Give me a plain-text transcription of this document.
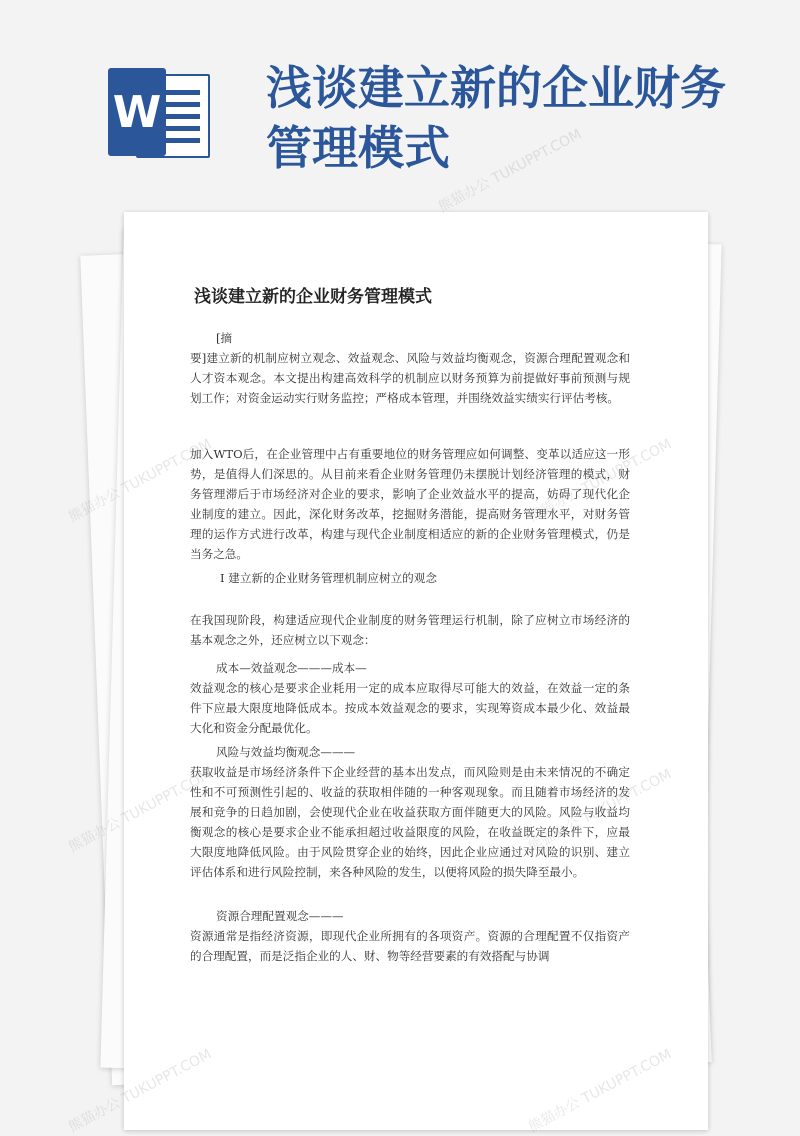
W 浅谈建立新的企业财务管理模式
浅谈建立新的企业财务管理模式

[摘

要]建立新的机制应树立观念、效益观念、风险与效益均衡观念，资源合理配置观念和人才资本观念。本文提出构建高效科学的机制应以财务预算为前提做好事前预测与规划工作；对资金运动实行财务监控；严格成本管理，并围绕效益实绩实行评估考核。

加入WTO后，在企业管理中占有重要地位的财务管理应如何调整、变革以适应这一形势，是值得人们深思的。从目前来看企业财务管理仍未摆脱计划经济管理的模式，财务管理滞后于市场经济对企业的要求，影响了企业效益水平的提高，妨碍了现代化企业制度的建立。因此，深化财务改革，挖掘财务潜能，提高财务管理水平，对财务管理的运作方式进行改革，构建与现代企业制度相适应的新的企业财务管理模式，仍是当务之急。

I 建立新的企业财务管理机制应树立的观念

在我国现阶段，构建适应现代企业制度的财务管理运行机制，除了应树立市场经济的基本观念之外，还应树立以下观念：

成本—效益观念———成本—

效益观念的核心是要求企业耗用一定的成本应取得尽可能大的效益，在效益一定的条件下应最大限度地降低成本。按成本效益观念的要求，实现筹资成本最少化、效益最大化和资金分配最优化。

风险与效益均衡观念———

获取收益是市场经济条件下企业经营的基本出发点，而风险则是由未来情况的不确定性和不可预测性引起的、收益的获取相伴随的一种客观现象。而且随着市场经济的发展和竞争的日趋加剧，会使现代企业在收益获取方面伴随更大的风险。风险与收益均衡观念的核心是要求企业不能承担超过收益限度的风险，在收益既定的条件下，应最大限度地降低风险。由于风险贯穿企业的始终，因此企业应通过对风险的识别、建立评估体系和进行风险控制，来各种风险的发生，以便将风险的损失降至最小。

资源合理配置观念———

资源通常是指经济资源，即现代企业所拥有的各项资产。资源的合理配置不仅指资产的合理配置，而是泛指企业的人、财、物等经营要素的有效搭配与协调

熊猫办公 TUKUPPT.COM
熊猫办公
熊猫办公
